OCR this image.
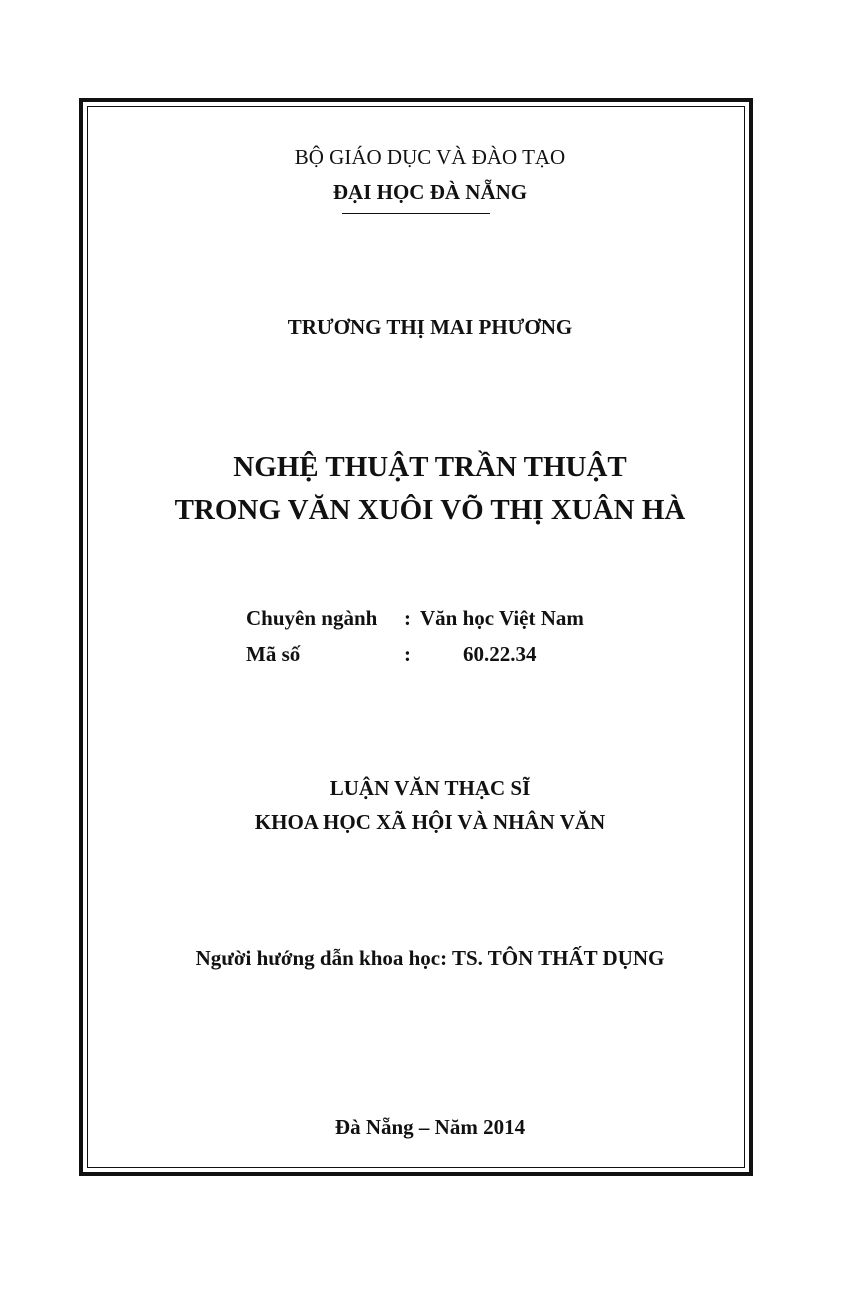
BỘ GIÁO DỤC VÀ ĐÀO TẠO
ĐẠI HỌC ĐÀ NẴNG
TRƯƠNG THỊ MAI PHƯƠNG
NGHỆ THUẬT TRẦN THUẬT
TRONG VĂN XUÔI VÕ THỊ XUÂN HÀ
Chuyên ngành : Văn học Việt Nam
Mã số	: 60.22.34
LUẬN VĂN THẠC SĨ
KHOA HỌC XÃ HỘI VÀ NHÂN VĂN
Người hướng dẫn khoa học: TS. TÔN THẤT DỤNG
Đà Nẵng – Năm 2014
